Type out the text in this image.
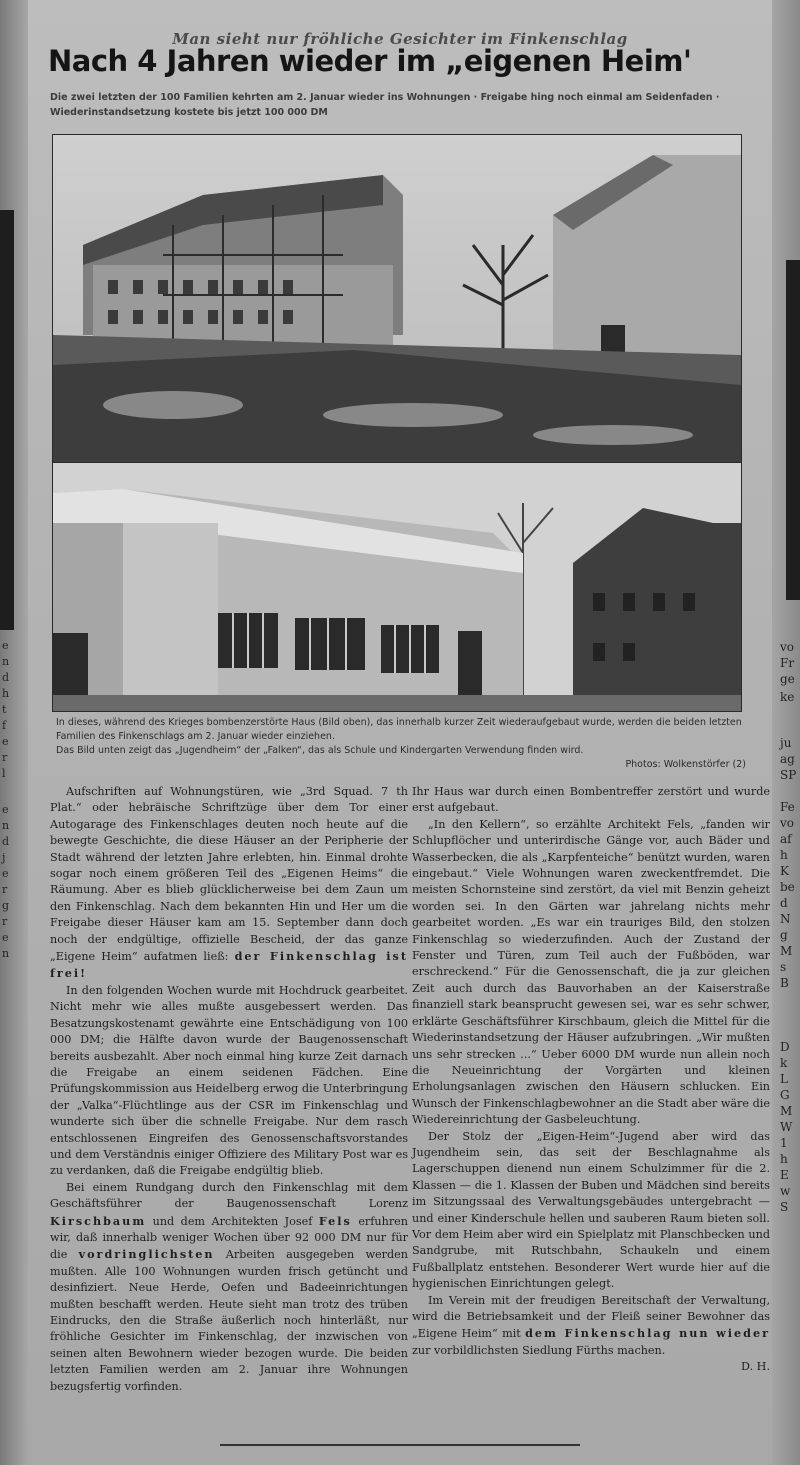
e
n
d
h
t
f
e
r
l
e
n
d
j
e
r
g
r
e
n
vo
Fr
ge
ke
ju
ag
SP
Fe
vo
af
h
K
be
d
N
g
M
s
B
D
k
L
G
M
W
1
h
E
w
S
Man sieht nur fröhliche Gesichter im Finkenschlag
Nach 4 Jahren wieder im „eigenen Heim'
Die zwei letzten der 100 Familien kehrten am 2. Januar wieder ins Wohnungen · Freigabe hing noch einmal am Seidenfaden · Wiederinstandsetzung kostete bis jetzt 100 000 DM
In dieses, während des Krieges bombenzerstörte Haus (Bild oben), das innerhalb kurzer Zeit wiederaufgebaut wurde, werden die beiden letzten Familien des Finkenschlags am 2. Januar wieder einziehen.
Das Bild unten zeigt das „Jugendheim“ der „Falken“, das als Schule und Kindergarten Verwendung finden wird.
Photos: Wolkenstörfer (2)

Aufschriften auf Wohnungstüren, wie „3rd Squad. 7 th Plat.“ oder hebräische Schriftzüge über dem Tor einer Autogarage des Finkenschlages deuten noch heute auf die bewegte Geschichte, die diese Häuser an der Peripherie der Stadt während der letzten Jahre erlebten, hin. Einmal drohte sogar noch einem größeren Teil des „Eigenen Heims“ die Räumung. Aber es blieb glücklicherweise bei dem Zaun um den Finkenschlag. Nach dem bekannten Hin und Her um die Freigabe dieser Häuser kam am 15. September dann doch noch der endgültige, offizielle Bescheid, der das ganze „Eigene Heim“ aufatmen ließ: der Finkenschlag ist frei!

In den folgenden Wochen wurde mit Hochdruck gearbeitet. Nicht mehr wie alles mußte ausgebessert werden. Das Besatzungskostenamt gewährte eine Entschädigung von 100 000 DM; die Hälfte davon wurde der Baugenossenschaft bereits ausbezahlt. Aber noch einmal hing kurze Zeit darnach die Freigabe an einem seidenen Fädchen. Eine Prüfungskommission aus Heidelberg erwog die Unterbringung der „Valka“-Flüchtlinge aus der CSR im Finkenschlag und wunderte sich über die schnelle Freigabe. Nur dem rasch entschlossenen Eingreifen des Genossenschaftsvorstandes und dem Verständnis einiger Offiziere des Military Post war es zu verdanken, daß die Freigabe endgültig blieb.

Bei einem Rundgang durch den Finkenschlag mit dem Geschäftsführer der Baugenossenschaft Lorenz Kirschbaum und dem Architekten Josef Fels erfuhren wir, daß innerhalb weniger Wochen über 92 000 DM nur für die vordringlichsten Arbeiten ausgegeben werden mußten. Alle 100 Wohnungen wurden frisch getüncht und desinfiziert. Neue Herde, Oefen und Badeeinrichtungen mußten beschafft werden. Heute sieht man trotz des trüben Eindrucks, den die Straße äußerlich noch hinterläßt, nur fröhliche Gesichter im Finkenschlag, der inzwischen von seinen alten Bewohnern wieder bezogen wurde. Die beiden letzten Familien werden am 2. Januar ihre Wohnungen bezugsfertig vorfinden.

Ihr Haus war durch einen Bombentreffer zerstört und wurde erst aufgebaut.

„In den Kellern“, so erzählte Architekt Fels, „fanden wir Schlupflöcher und unterirdische Gänge vor, auch Bäder und Wasserbecken, die als „Karpfenteiche“ benützt wurden, waren eingebaut.“ Viele Wohnungen waren zweckentfremdet. Die meisten Schornsteine sind zerstört, da viel mit Benzin geheizt worden sei. In den Gärten war jahrelang nichts mehr gearbeitet worden. „Es war ein trauriges Bild, den stolzen Finkenschlag so wiederzufinden. Auch der Zustand der Fenster und Türen, zum Teil auch der Fußböden, war erschreckend.“ Für die Genossenschaft, die ja zur gleichen Zeit auch durch das Bauvorhaben an der Kaiserstraße finanziell stark beansprucht gewesen sei, war es sehr schwer, erklärte Geschäftsführer Kirschbaum, gleich die Mittel für die Wiederinstandsetzung der Häuser aufzubringen. „Wir mußten uns sehr strecken ...“ Ueber 6000 DM wurde nun allein noch die Neueinrichtung der Vorgärten und kleinen Erholungsanlagen zwischen den Häusern schlucken. Ein Wunsch der Finkenschlagbewohner an die Stadt aber wäre die Wiedereinrichtung der Gasbeleuchtung.

Der Stolz der „Eigen-Heim“-Jugend aber wird das Jugendheim sein, das seit der Beschlagnahme als Lagerschuppen dienend nun einem Schulzimmer für die 2. Klassen — die 1. Klassen der Buben und Mädchen sind bereits im Sitzungssaal des Verwaltungsgebäudes untergebracht — und einer Kinderschule hellen und sauberen Raum bieten soll. Vor dem Heim aber wird ein Spielplatz mit Planschbecken und Sandgrube, mit Rutschbahn, Schaukeln und einem Fußballplatz entstehen. Besonderer Wert wurde hier auf die hygienischen Einrichtungen gelegt.

Im Verein mit der freudigen Bereitschaft der Verwaltung, wird die Betriebsamkeit und der Fleiß seiner Bewohner das „Eigene Heim“ mit dem Finkenschlag nun wieder zur vorbildlichsten Siedlung Fürths machen.

D. H.
